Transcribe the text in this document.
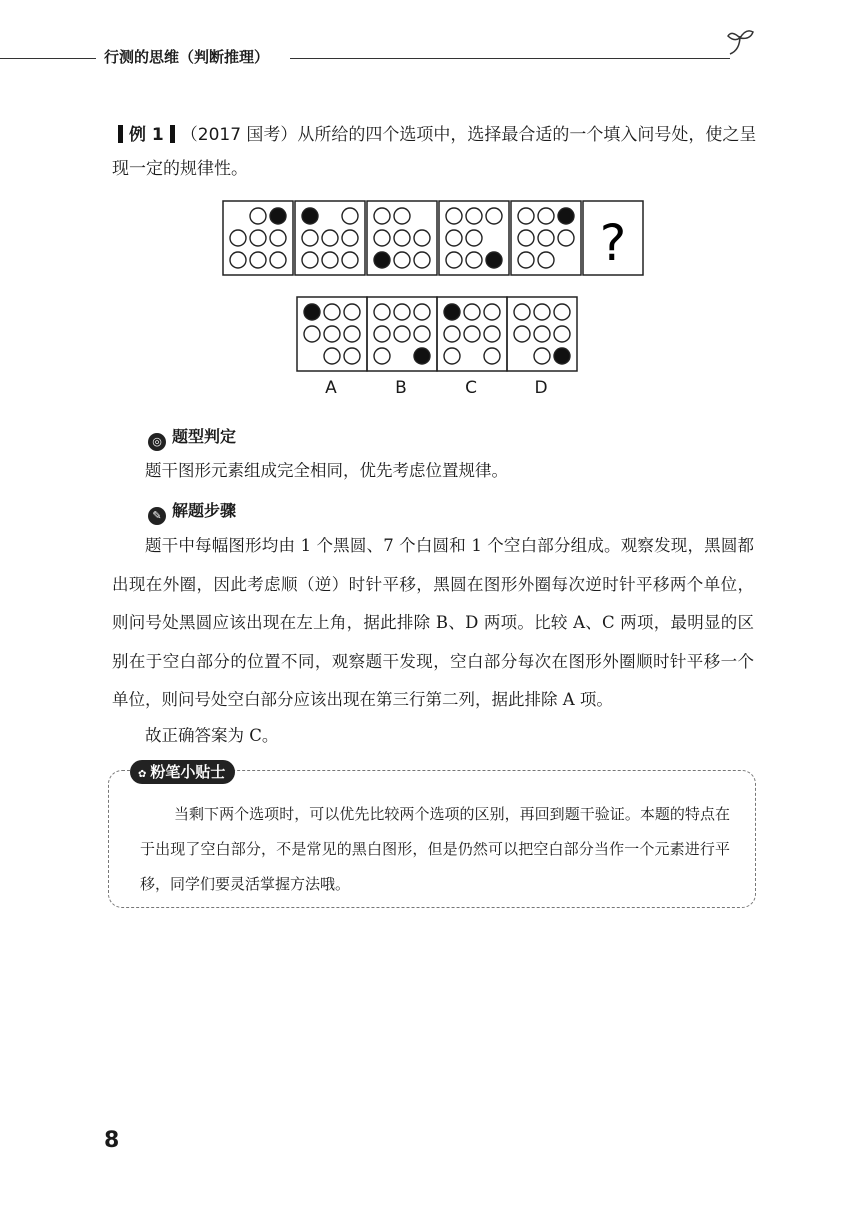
行测的思维（判断推理）
例 1 （2017 国考）从所给的四个选项中，选择最合适的一个填入问号处，使之呈现一定的规律性。
?
A	B	C	D
◎ 题型判定
题干图形元素组成完全相同，优先考虑位置规律。
✎ 解题步骤
题干中每幅图形均由 1 个黑圆、7 个白圆和 1 个空白部分组成。观察发现，黑圆都出现在外圈，因此考虑顺（逆）时针平移，黑圆在图形外圈每次逆时针平移两个单位，则问号处黑圆应该出现在左上角，据此排除 B、D 两项。比较 A、C 两项，最明显的区别在于空白部分的位置不同，观察题干发现，空白部分每次在图形外圈顺时针平移一个单位，则问号处空白部分应该出现在第三行第二列，据此排除 A 项。
故正确答案为 C。
✿ 粉笔小贴士
当剩下两个选项时，可以优先比较两个选项的区别，再回到题干验证。本题的特点在于出现了空白部分，不是常见的黑白图形，但是仍然可以把空白部分当作一个元素进行平移，同学们要灵活掌握方法哦。
8
